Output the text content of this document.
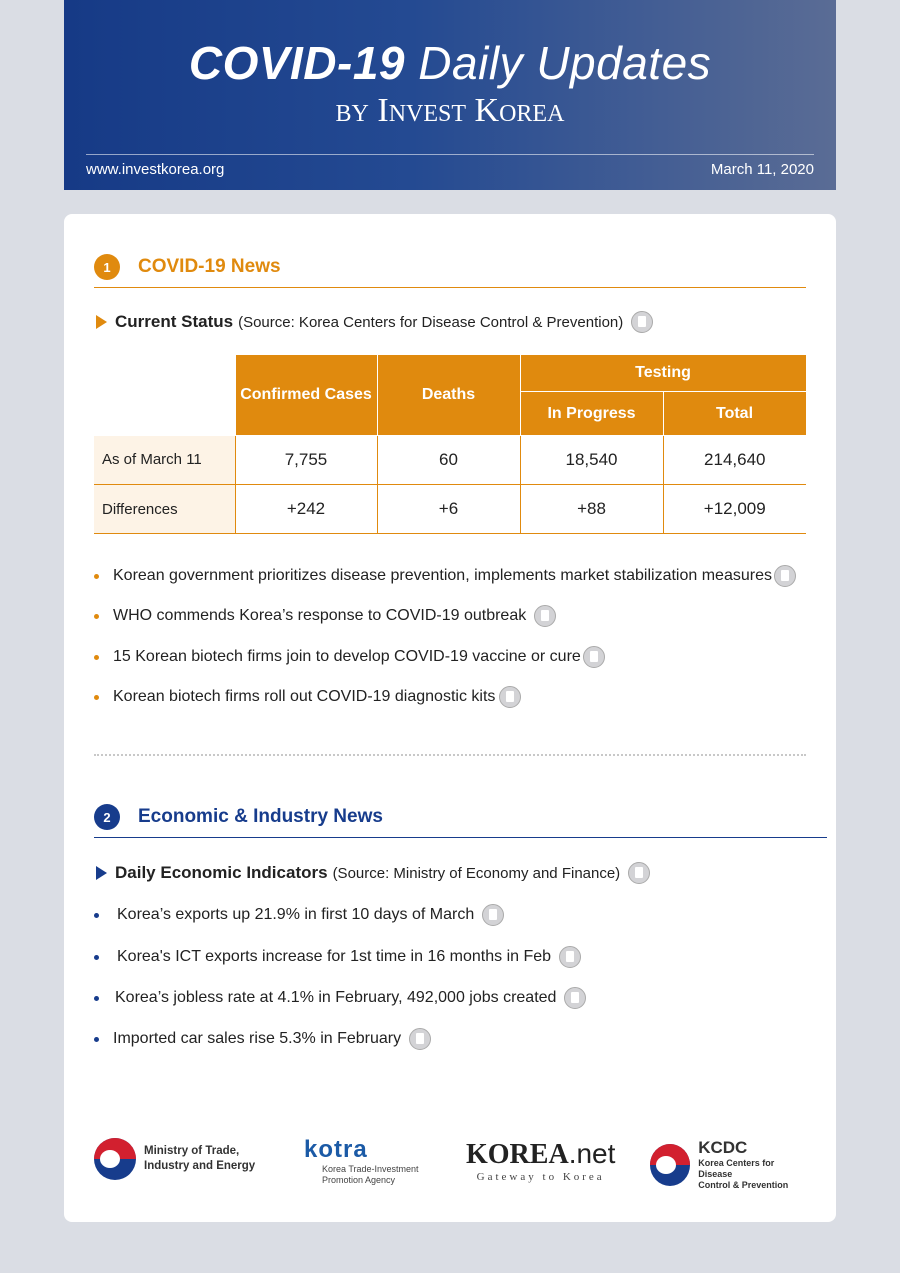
COVID-19 Daily Updates
by Invest Korea
www.investkorea.org	March 11, 2020
1	COVID-19 News
Current Status (Source: Korea Centers for Disease Control & Prevention)
	Confirmed Cases	Deaths	Testing	
			In Progress	Total
As of March 11	7,755	60	18,540	214,640
Differences	+242	+6	+88	+12,009
Korean government prioritizes disease prevention, implements market stabilization measures
WHO commends Korea’s response to COVID-19 outbreak
15 Korean biotech firms join to develop COVID-19 vaccine or cure
Korean biotech firms roll out COVID-19 diagnostic kits
2	Economic & Industry News
Daily Economic Indicators (Source: Ministry of Economy and Finance)
Korea’s exports up 21.9% in first 10 days of March
Korea's ICT exports increase for 1st time in 16 months in Feb
Korea’s jobless rate at 4.1% in February, 492,000 jobs created
Imported car sales rise 5.3% in February
Ministry of Trade,
Industry and Energy
kotra
Korea Trade-Investment
Promotion Agency
KOREA.net
Gateway to Korea
KCDC
Korea Centers for Disease
Control & Prevention
